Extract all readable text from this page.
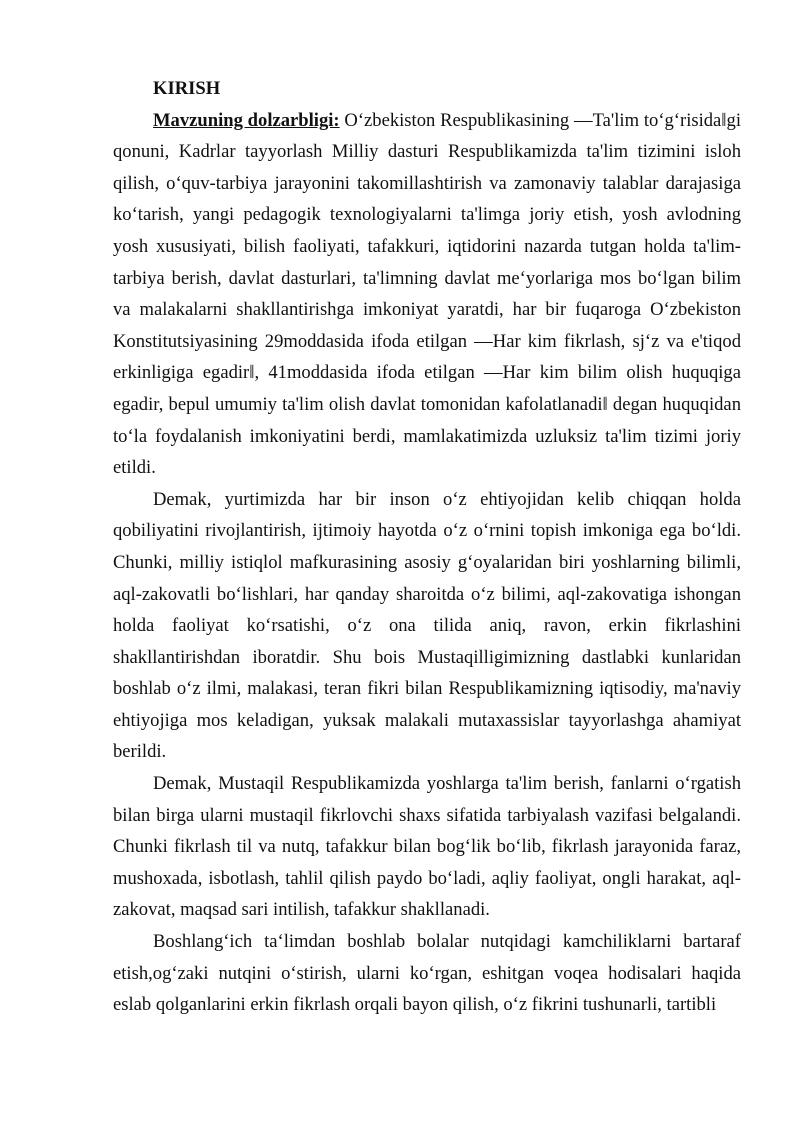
KIRISH

Mavzuning dolzarbligi: O‘zbekiston Respublikasining ―Ta'lim to‘g‘risida‖gi qonuni, Kadrlar tayyorlash Milliy dasturi Respublikamizda ta'lim tizimini isloh qilish, o‘quv-tarbiya jarayonini takomillashtirish va zamonaviy talablar darajasiga ko‘tarish, yangi pedagogik texnologiyalarni ta'limga joriy etish, yosh avlodning yosh xususiyati, bilish faoliyati, tafakkuri, iqtidorini nazarda tutgan holda ta'lim-tarbiya berish, davlat dasturlari, ta'limning davlat me‘yorlariga mos bo‘lgan bilim va malakalarni shakllantirishga imkoniyat yaratdi, har bir fuqaroga O‘zbekiston Konstitutsiyasining 29moddasida ifoda etilgan ―Har kim fikrlash, sj‘z va e'tiqod erkinligiga egadir‖, 41moddasida ifoda etilgan ―Har kim bilim olish huquqiga egadir, bepul umumiy ta'lim olish davlat tomonidan kafolatlanadi‖ degan huquqidan to‘la foydalanish imkoniyatini berdi, mamlakatimizda uzluksiz ta'lim tizimi joriy etildi.

Demak, yurtimizda har bir inson o‘z ehtiyojidan kelib chiqqan holda qobiliyatini rivojlantirish, ijtimoiy hayotda o‘z o‘rnini topish imkoniga ega bo‘ldi. Chunki, milliy istiqlol mafkurasining asosiy g‘oyalaridan biri yoshlarning bilimli, aql-zakovatli bo‘lishlari, har qanday sharoitda o‘z bilimi, aql-zakovatiga ishongan holda faoliyat ko‘rsatishi, o‘z ona tilida aniq, ravon, erkin fikrlashini shakllantirishdan iboratdir. Shu bois Mustaqilligimizning dastlabki kunlaridan boshlab o‘z ilmi, malakasi, teran fikri bilan Respublikamizning iqtisodiy, ma'naviy ehtiyojiga mos keladigan, yuksak malakali mutaxassislar tayyorlashga ahamiyat berildi.

Demak, Mustaqil Respublikamizda yoshlarga ta'lim berish, fanlarni o‘rgatish bilan birga ularni mustaqil fikrlovchi shaxs sifatida tarbiyalash vazifasi belgalandi. Chunki fikrlash til va nutq, tafakkur bilan bog‘lik bo‘lib, fikrlash jarayonida faraz, mushoxada, isbotlash, tahlil qilish paydo bo‘ladi, aqliy faoliyat, ongli harakat, aql-zakovat, maqsad sari intilish, tafakkur shakllanadi.

Boshlang‘ich ta‘limdan boshlab bolalar nutqidagi kamchiliklarni bartaraf etish,og‘zaki nutqini o‘stirish, ularni ko‘rgan, eshitgan voqea hodisalari haqida eslab qolganlarini erkin fikrlash orqali bayon qilish, o‘z fikrini tushunarli, tartibli
